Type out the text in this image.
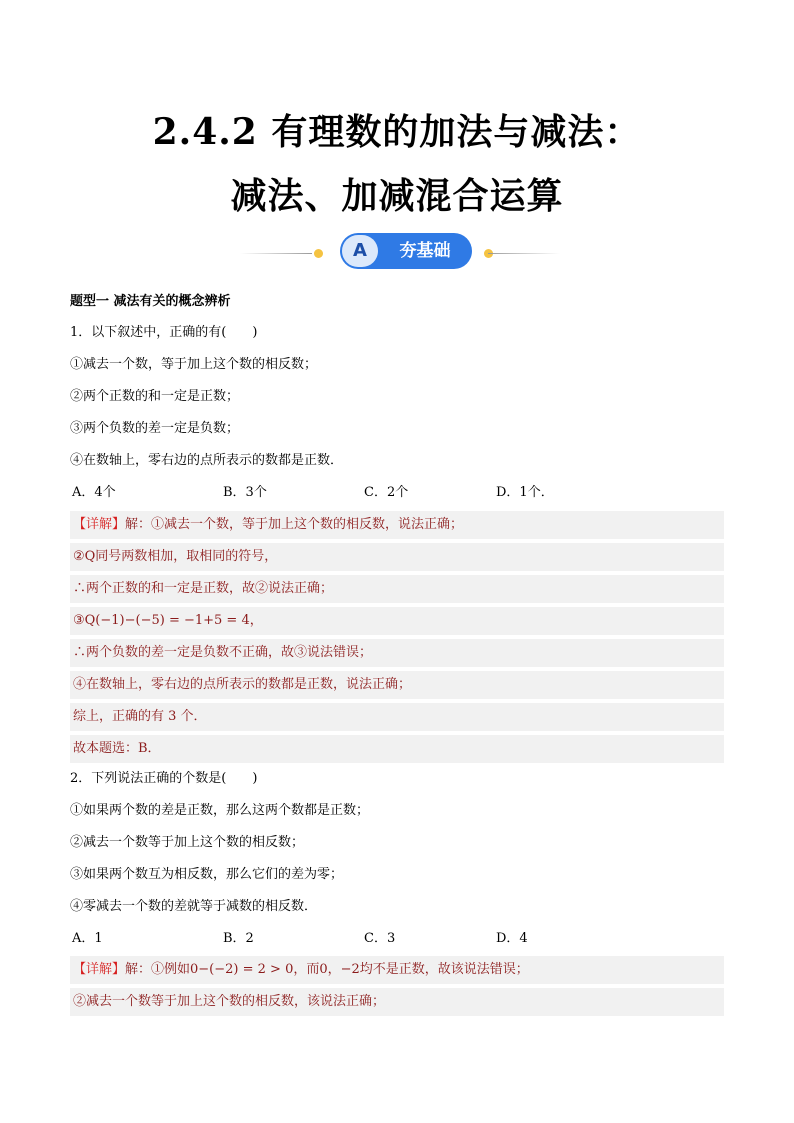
2.4.2 有理数的加法与减法：
减法、加减混合运算
A	夯基础
题型一 减法有关的概念辨析
1．以下叙述中，正确的有(　　)
①减去一个数，等于加上这个数的相反数；
②两个正数的和一定是正数；
③两个负数的差一定是负数；
④在数轴上，零右边的点所表示的数都是正数．
A．4个	B．3个	C．2个	D．1个．
【详解】解：①减去一个数，等于加上这个数的相反数，说法正确；
②Q同号两数相加，取相同的符号，
∴两个正数的和一定是正数，故②说法正确；
③Q(−1)−(−5) = −1+5 = 4，
∴两个负数的差一定是负数不正确，故③说法错误；
④在数轴上，零右边的点所表示的数都是正数，说法正确；
综上，正确的有 3 个．
故本题选：B．
2．下列说法正确的个数是(　　)
①如果两个数的差是正数，那么这两个数都是正数；
②减去一个数等于加上这个数的相反数；
③如果两个数互为相反数，那么它们的差为零；
④零减去一个数的差就等于减数的相反数．
A．1	B．2	C．3	D．4
【详解】解：①例如0−(−2) = 2 > 0，而0，−2均不是正数，故该说法错误；
②减去一个数等于加上这个数的相反数，该说法正确；
